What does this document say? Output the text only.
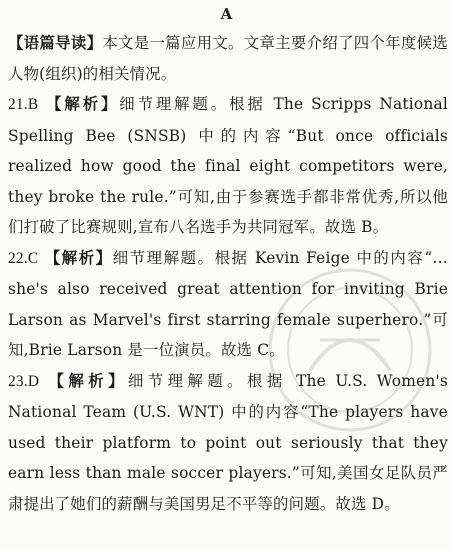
A

【语篇导读】本文是一篇应用文。文章主要介绍了四个年度候选人物(组织)的相关情况。

21.B 【解析】细节理解题。根据 The Scripps National Spelling Bee (SNSB) 中的内容“But once officials realized how good the final eight competitors were, they broke the rule.”可知,由于参赛选手都非常优秀,所以他们打破了比赛规则,宣布八名选手为共同冠军。故选 B。

22.C 【解析】细节理解题。根据 Kevin Feige 中的内容“…she's also received great attention for inviting Brie Larson as Marvel's first starring female superhero.”可知,Brie Larson 是一位演员。故选 C。

23.D 【解析】细节理解题。根据 The U.S. Women's National Team (U.S. WNT) 中的内容“The players have used their platform to point out seriously that they earn less than male soccer players.”可知,美国女足队员严肃提出了她们的薪酬与美国男足不平等的问题。故选 D。
